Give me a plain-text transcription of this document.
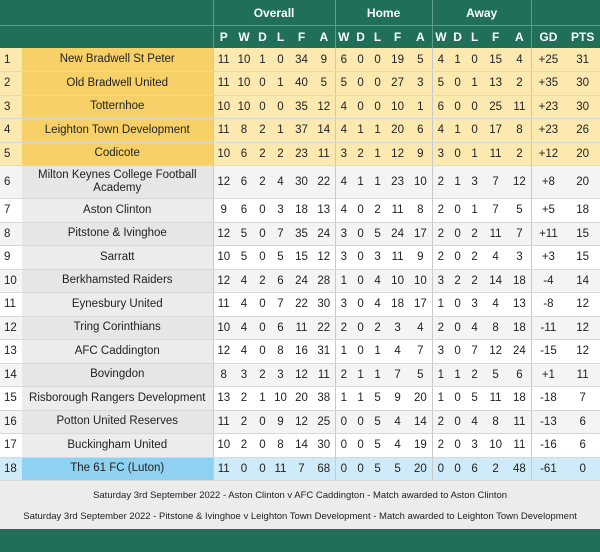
		Overall						Home					Away						
		P	W	D	L	F	A	W	D	L	F	A	W	D	L	F	A	GD	PTS
1	New Bradwell St Peter	11	10	1	0	34	9	6	0	0	19	5	4	1	0	15	4	+25	31
2	Old Bradwell United	11	10	0	1	40	5	5	0	0	27	3	5	0	1	13	2	+35	30
3	Totternhoe	10	10	0	0	35	12	4	0	0	10	1	6	0	0	25	11	+23	30
4	Leighton Town Development	11	8	2	1	37	14	4	1	1	20	6	4	1	0	17	8	+23	26
5	Codicote	10	6	2	2	23	11	3	2	1	12	9	3	0	1	11	2	+12	20
6	Milton Keynes College Football Academy	12	6	2	4	30	22	4	1	1	23	10	2	1	3	7	12	+8	20
7	Aston Clinton	9	6	0	3	18	13	4	0	2	11	8	2	0	1	7	5	+5	18
8	Pitstone & Ivinghoe	12	5	0	7	35	24	3	0	5	24	17	2	0	2	11	7	+11	15
9	Sarratt	10	5	0	5	15	12	3	0	3	11	9	2	0	2	4	3	+3	15
10	Berkhamsted Raiders	12	4	2	6	24	28	1	0	4	10	10	3	2	2	14	18	-4	14
11	Eynesbury United	11	4	0	7	22	30	3	0	4	18	17	1	0	3	4	13	-8	12
12	Tring Corinthians	10	4	0	6	11	22	2	0	2	3	4	2	0	4	8	18	-11	12
13	AFC Caddington	12	4	0	8	16	31	1	0	1	4	7	3	0	7	12	24	-15	12
14	Bovingdon	8	3	2	3	12	11	2	1	1	7	5	1	1	2	5	6	+1	11
15	Risborough Rangers Development	13	2	1	10	20	38	1	1	5	9	20	1	0	5	11	18	-18	7
16	Potton United Reserves	11	2	0	9	12	25	0	0	5	4	14	2	0	4	8	11	-13	6
17	Buckingham United	10	2	0	8	14	30	0	0	5	4	19	2	0	3	10	11	-16	6
18	The 61 FC (Luton)	11	0	0	11	7	68	0	0	5	5	20	0	0	6	2	48	-61	0
Saturday 3rd September 2022 - Aston Clinton v AFC Caddington - Match awarded to Aston Clinton																			
Saturday 3rd September 2022 - Pitstone & Ivinghoe v Leighton Town Development - Match awarded to Leighton Town Development																			
